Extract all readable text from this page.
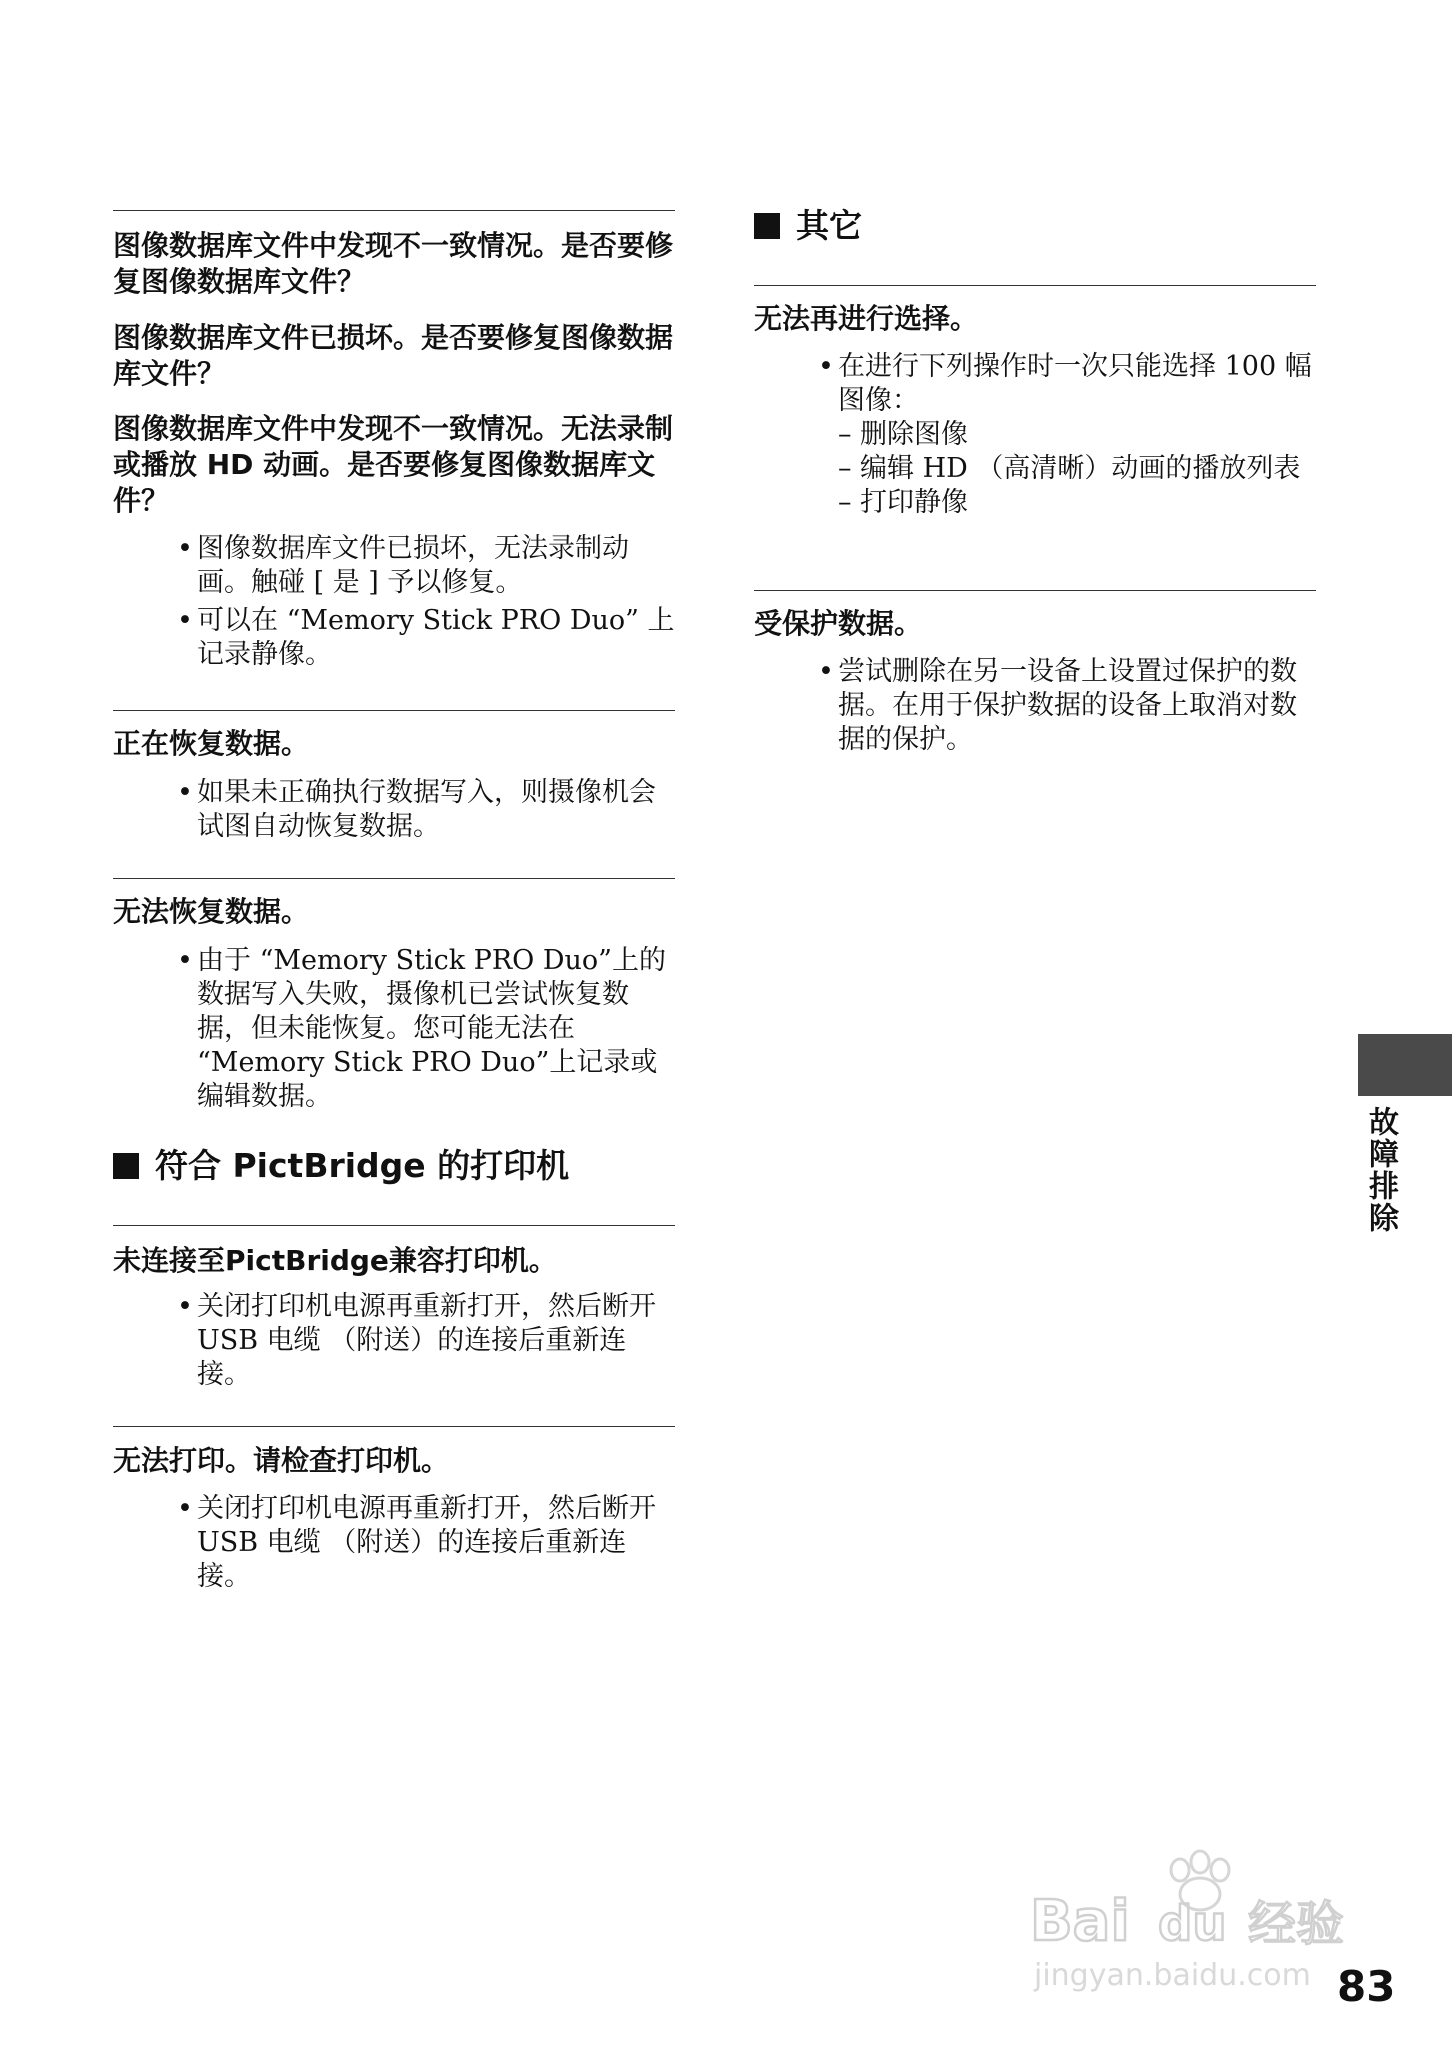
图像数据库文件中发现不一致情况。是否要修复图像数据库文件？

图像数据库文件已损坏。是否要修复图像数据库文件？

图像数据库文件中发现不一致情况。无法录制或播放 HD 动画。是否要修复图像数据库文件？

• 图像数据库文件已损坏，无法录制动画。触碰 [ 是 ] 予以修复。
• 可以在 “Memory Stick PRO Duo” 上记录静像。

正在恢复数据。

• 如果未正确执行数据写入，则摄像机会试图自动恢复数据。

无法恢复数据。

• 由于 “Memory Stick PRO Duo”上的数据写入失败，摄像机已尝试恢复数据，但未能恢复。您可能无法在 “Memory Stick PRO Duo”上记录或编辑数据。

符合 PictBridge 的打印机

未连接至PictBridge兼容打印机。

• 关闭打印机电源再重新打开，然后断开 USB 电缆 （附送）的连接后重新连接。

无法打印。请检查打印机。

• 关闭打印机电源再重新打开，然后断开 USB 电缆 （附送）的连接后重新连接。

其它

无法再进行选择。

• 在进行下列操作时一次只能选择 100 幅图像：
– 删除图像
– 编辑 HD （高清晰）动画的播放列表
– 打印静像

受保护数据。

• 尝试删除在另一设备上设置过保护的数据。在用于保护数据的设备上取消对数据的保护。
故障排除
Bai du 经验
jingyan.baidu.com 83
